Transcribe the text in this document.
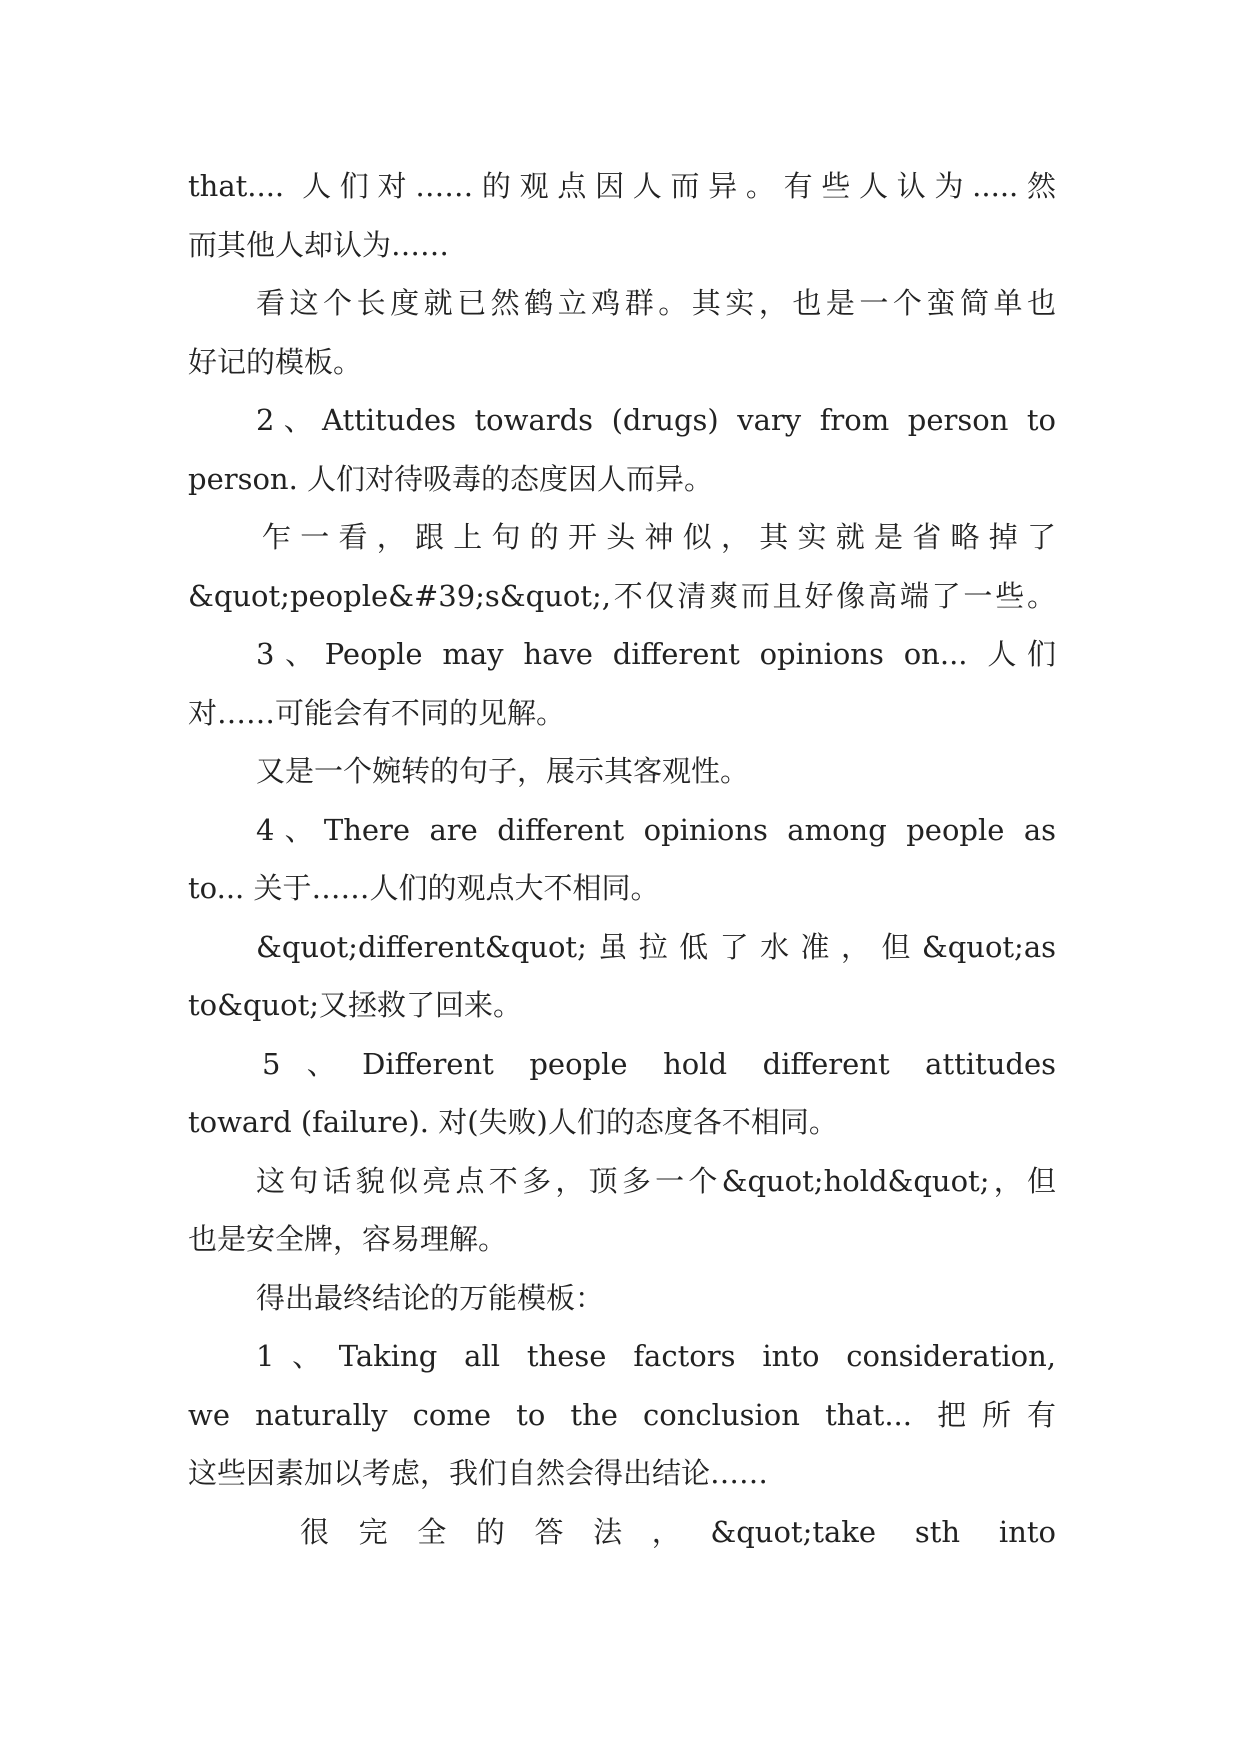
that.... 人们对……的观点因人而异。有些人认为.....然
而其他人却认为……
看这个长度就已然鹤立鸡群。其实，也是一个蛮简单也
好记的模板。
2、Attitudes towards (drugs) vary from person to
person. 人们对待吸毒的态度因人而异。
乍一看，跟上句的开头神似，其实就是省略掉了
&quot;people&#39;s&quot;,不仅清爽而且好像高端了一些。
3、People may have different opinions on... 人们
对……可能会有不同的见解。
又是一个婉转的句子，展示其客观性。
4、There are different opinions among people as
to... 关于……人们的观点大不相同。
&quot;different&quot;虽拉低了水准，但&quot;as
to&quot;又拯救了回来。
5、Different people hold different attitudes
toward (failure). 对(失败)人们的态度各不相同。
这句话貌似亮点不多，顶多一个&quot;hold&quot;，但
也是安全牌，容易理解。
得出最终结论的万能模板：
1、Taking all these factors into consideration,
we naturally come to the conclusion that... 把所有
这些因素加以考虑，我们自然会得出结论……
很完全的答法，&quot;take sth into
